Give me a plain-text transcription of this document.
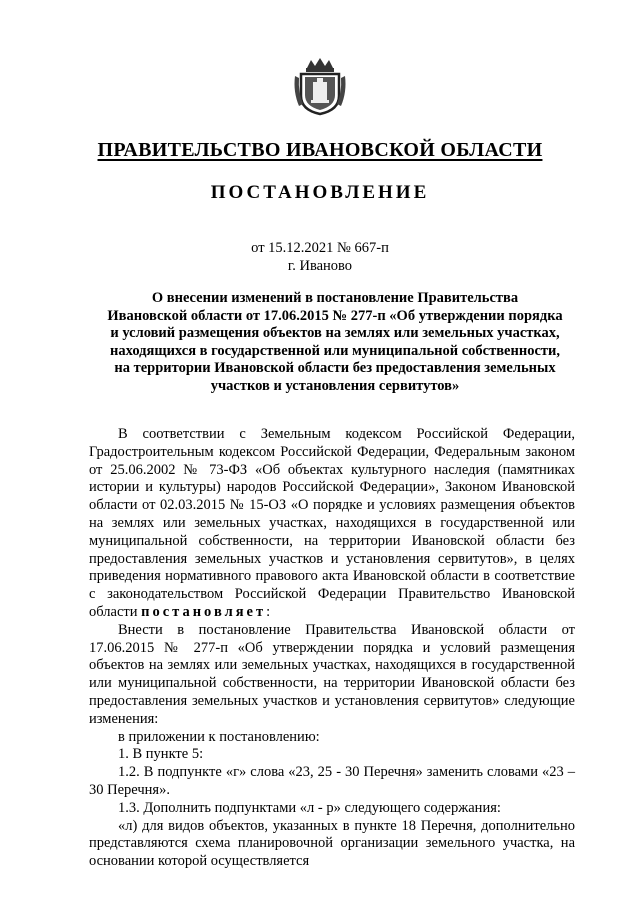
ПРАВИТЕЛЬСТВО ИВАНОВСКОЙ ОБЛАСТИ
ПОСТАНОВЛЕНИЕ
от 15.12.2021 № 667-п
г. Иваново
О внесении изменений в постановление Правительства
Ивановской области от 17.06.2015 № 277-п «Об утверждении порядка
и условий размещения объектов на землях или земельных участках,
находящихся в государственной или муниципальной собственности,
на территории Ивановской области без предоставления земельных
участков и установления сервитутов»

В соответствии с Земельным кодексом Российской Федерации, Градостроительным кодексом Российской Федерации, Федеральным законом от 25.06.2002 № 73-ФЗ «Об объектах культурного наследия (памятниках истории и культуры) народов Российской Федерации», Законом Ивановской области от 02.03.2015 № 15-ОЗ «О порядке и условиях размещения объектов на землях или земельных участках, находящихся в государственной или муниципальной собственности, на территории Ивановской области без предоставления земельных участков и установления сервитутов», в целях приведения нормативного правового акта Ивановской области в соответствие с законодательством Российской Федерации Правительство Ивановской области постановляет:

Внести в постановление Правительства Ивановской области от 17.06.2015 № 277-п «Об утверждении порядка и условий размещения объектов на землях или земельных участках, находящихся в государственной или муниципальной собственности, на территории Ивановской области без предоставления земельных участков и установления сервитутов» следующие изменения:

в приложении к постановлению:

1. В пункте 5:

1.2. В подпункте «г» слова «23, 25 - 30 Перечня» заменить словами «23 – 30 Перечня».

1.3. Дополнить подпунктами «л - р» следующего содержания:

«л) для видов объектов, указанных в пункте 18 Перечня, дополнительно представляются схема планировочной организации земельного участка, на основании которой осуществляется
